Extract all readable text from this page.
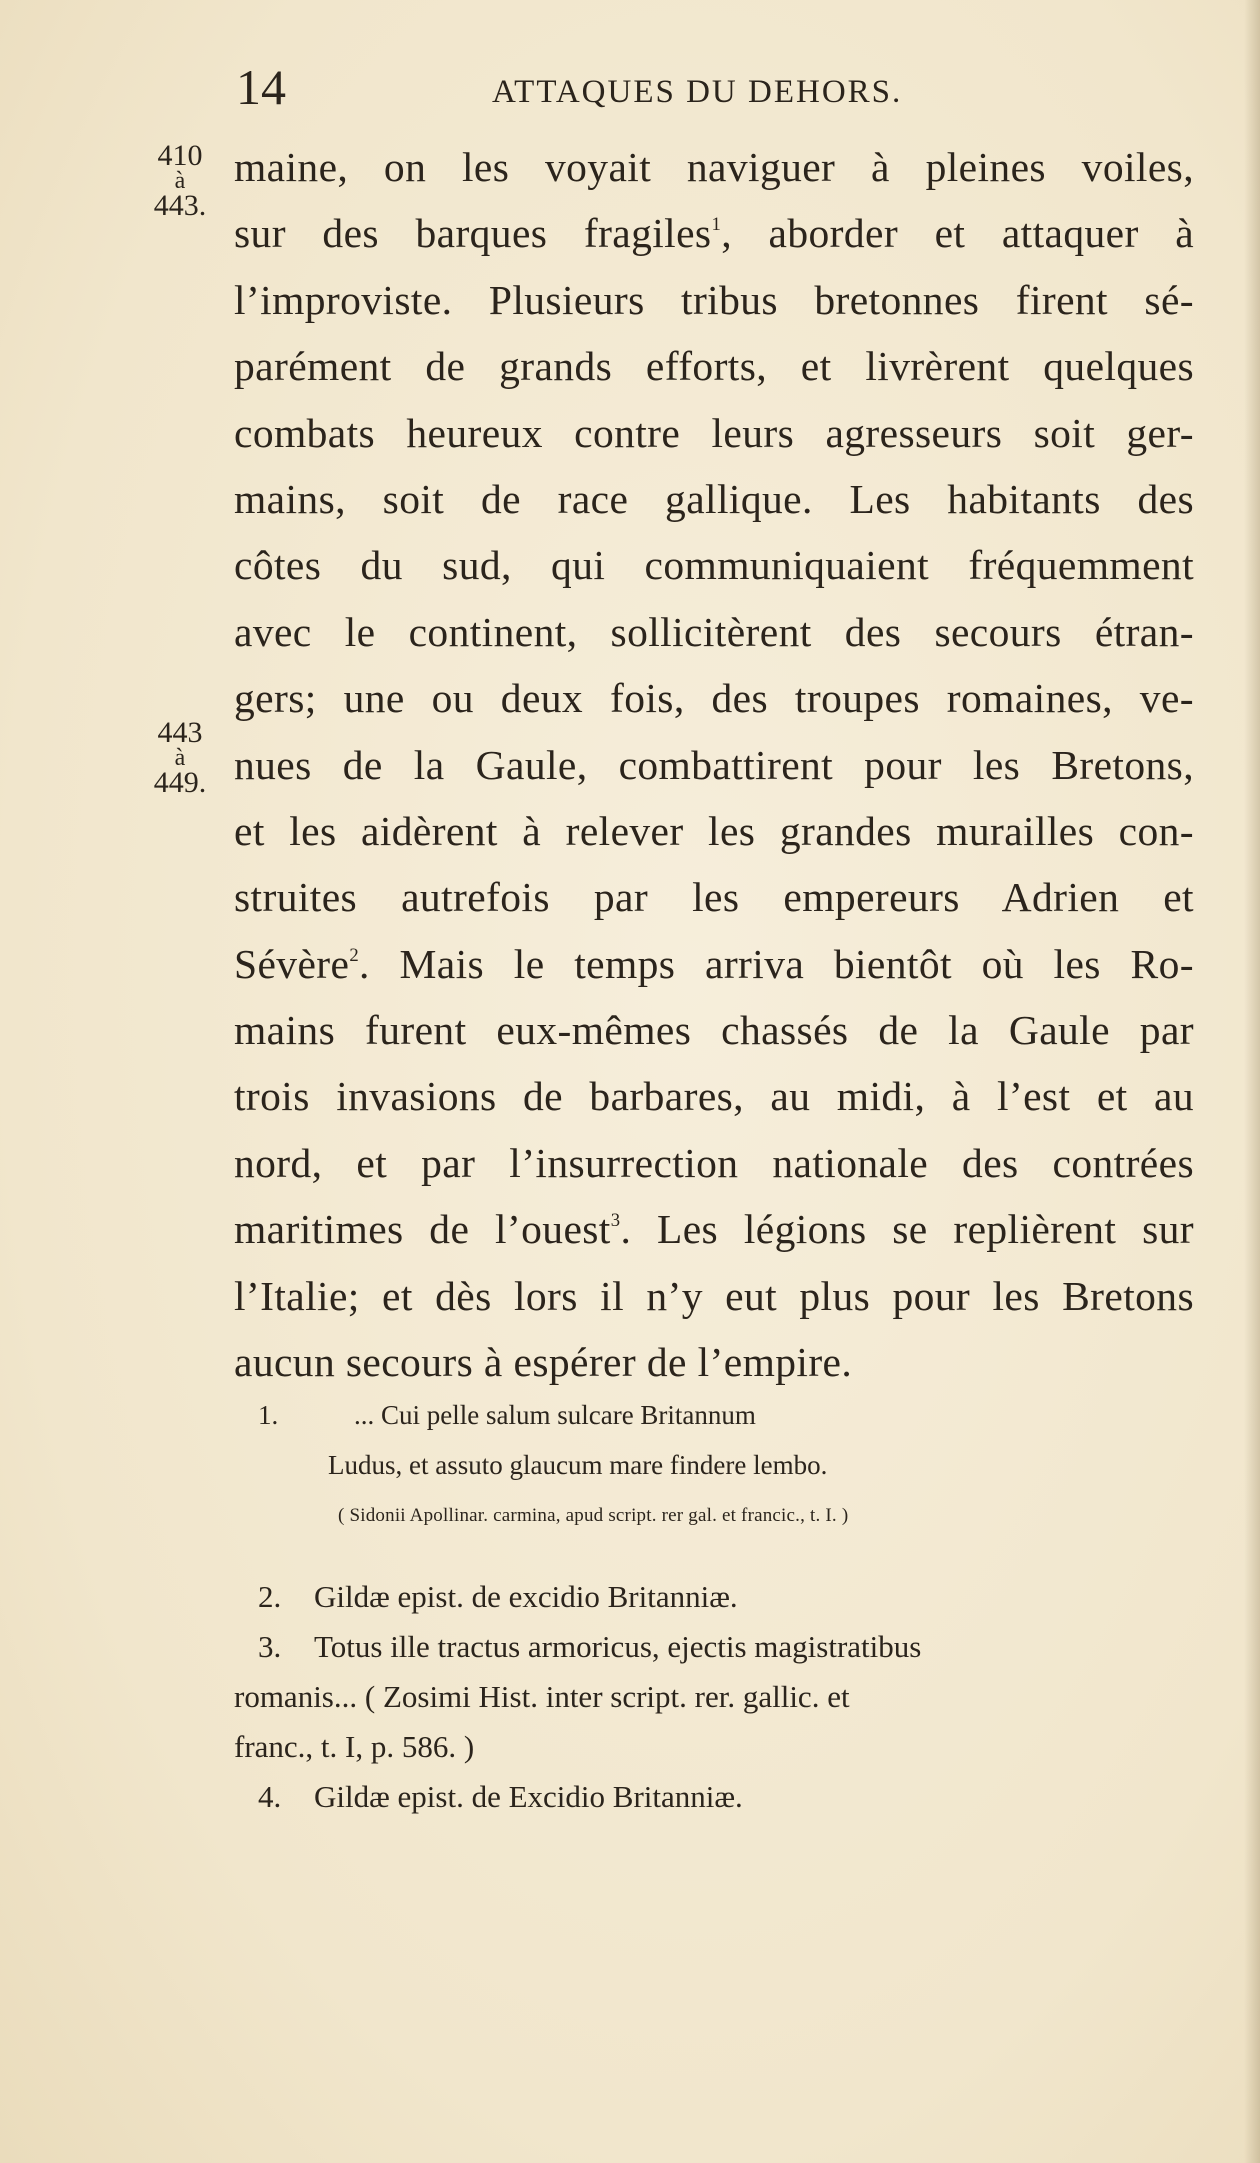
14	ATTAQUES DU DEHORS.
410
à
443.
443
à
449.
maine, on les voyait naviguer à pleines voiles,
sur des barques fragiles$^1$, aborder et attaquer à
l’improviste. Plusieurs tribus bretonnes firent sé-
parément de grands efforts, et livrèrent quelques
combats heureux contre leurs agresseurs soit ger-
mains, soit de race gallique. Les habitants des
côtes du sud, qui communiquaient fréquemment
avec le continent, sollicitèrent des secours étran-
gers; une ou deux fois, des troupes romaines, ve-
nues de la Gaule, combattirent pour les Bretons,
et les aidèrent à relever les grandes murailles con-
struites autrefois par les empereurs Adrien et
Sévère$^2$. Mais le temps arriva bientôt où les Ro-
mains furent eux-mêmes chassés de la Gaule par
trois invasions de barbares, au midi, à l’est et au
nord, et par l’insurrection nationale des contrées
maritimes de l’ouest$^3$. Les légions se replièrent sur
l’Italie; et dès lors il n’y eut plus pour les Bretons
aucun secours à espérer de l’empire.
1.	... Cui pelle salum sulcare Britannum
Ludus, et assuto glaucum mare findere lembo.
( Sidonii Apollinar. carmina, apud script. rer gal. et francic., t. I. )
2. Gildæ epist. de excidio Britanniæ.
3. Totus ille tractus armoricus, ejectis magistratibus
romanis... ( Zosimi Hist. inter script. rer. gallic. et
franc., t. I, p. 586. )
4. Gildæ epist. de Excidio Britanniæ.
